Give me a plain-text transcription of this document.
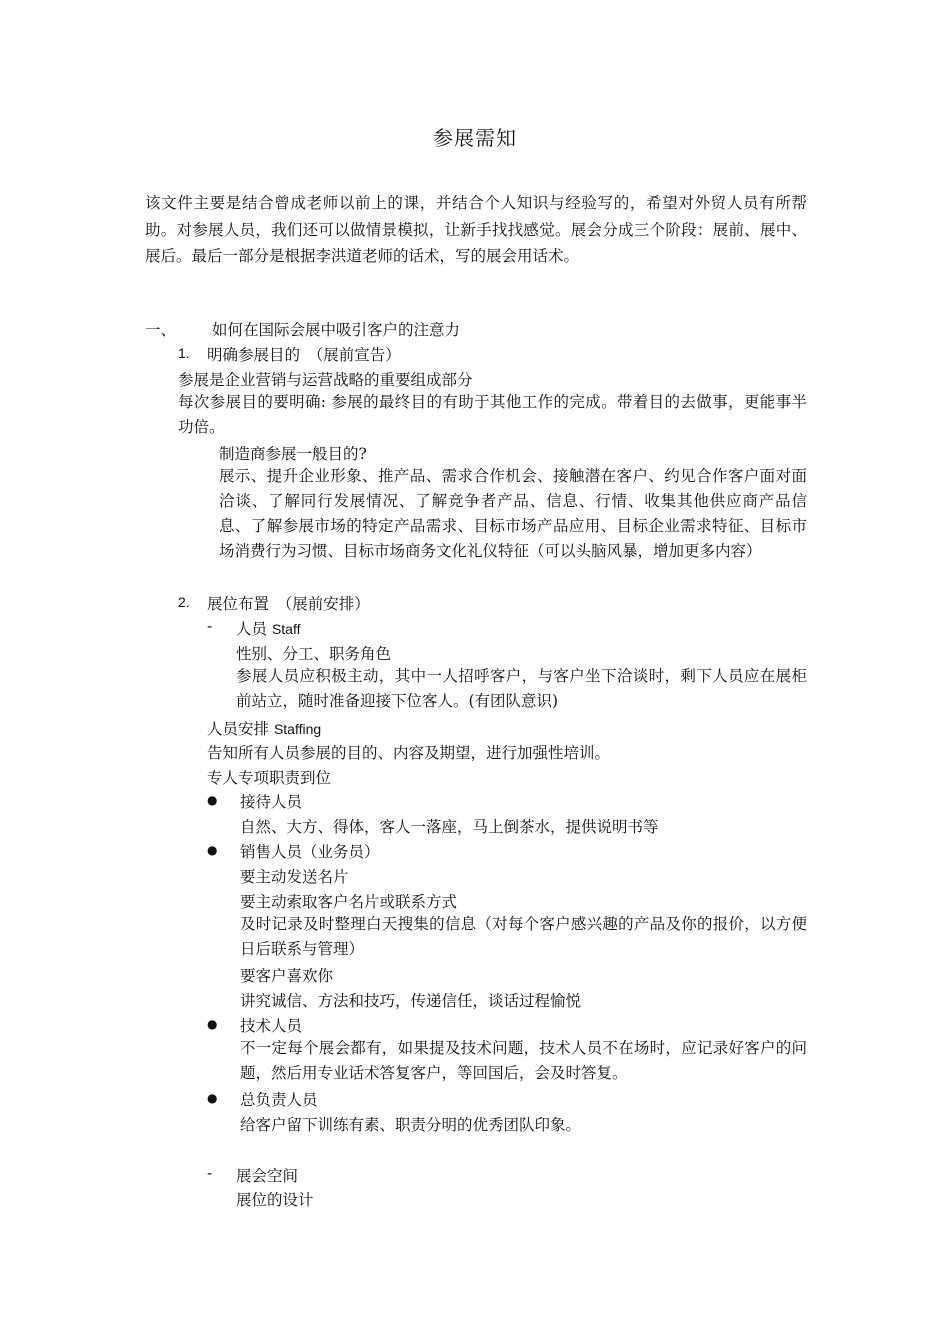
参展需知

该文件主要是结合曾成老师以前上的课，并结合个人知识与经验写的，希望对外贸人员有所帮助。对参展人员，我们还可以做情景模拟，让新手找找感觉。展会分成三个阶段：展前、展中、展后。最后一部分是根据李洪道老师的话术，写的展会用话术。

一、 如何在国际会展中吸引客户的注意力
1. 明确参展目的　（展前宣告）
参展是企业营销与运营战略的重要组成部分
每次参展目的要明确: 参展的最终目的有助于其他工作的完成。带着目的去做事，更能事半功倍。
制造商参展一般目的?
展示、提升企业形象、推产品、需求合作机会、接触潜在客户、约见合作客户面对面洽谈、了解同行发展情况、了解竞争者产品、信息、行情、收集其他供应商产品信息、了解参展市场的特定产品需求、目标市场产品应用、目标企业需求特征、目标市场消费行为习惯、目标市场商务文化礼仪特征（可以头脑风暴，增加更多内容）
2. 展位布置　（展前安排）
- 人员 Staff
性别、分工、职务角色
参展人员应积极主动，其中一人招呼客户，与客户坐下洽谈时，剩下人员应在展柜前站立，随时准备迎接下位客人。(有团队意识)
人员安排 Staffing
告知所有人员参展的目的、内容及期望，进行加强性培训。
专人专项职责到位
● 接待人员
自然、大方、得体，客人一落座，马上倒茶水，提供说明书等
● 销售人员（业务员）
要主动发送名片
要主动索取客户名片或联系方式
及时记录及时整理白天搜集的信息（对每个客户感兴趣的产品及你的报价，以方便日后联系与管理）
要客户喜欢你
讲究诚信、方法和技巧，传递信任，谈话过程愉悦
● 技术人员
不一定每个展会都有，如果提及技术问题，技术人员不在场时，应记录好客户的问题，然后用专业话术答复客户，等回国后，会及时答复。
● 总负责人员
给客户留下训练有素、职责分明的优秀团队印象。
- 展会空间
展位的设计
